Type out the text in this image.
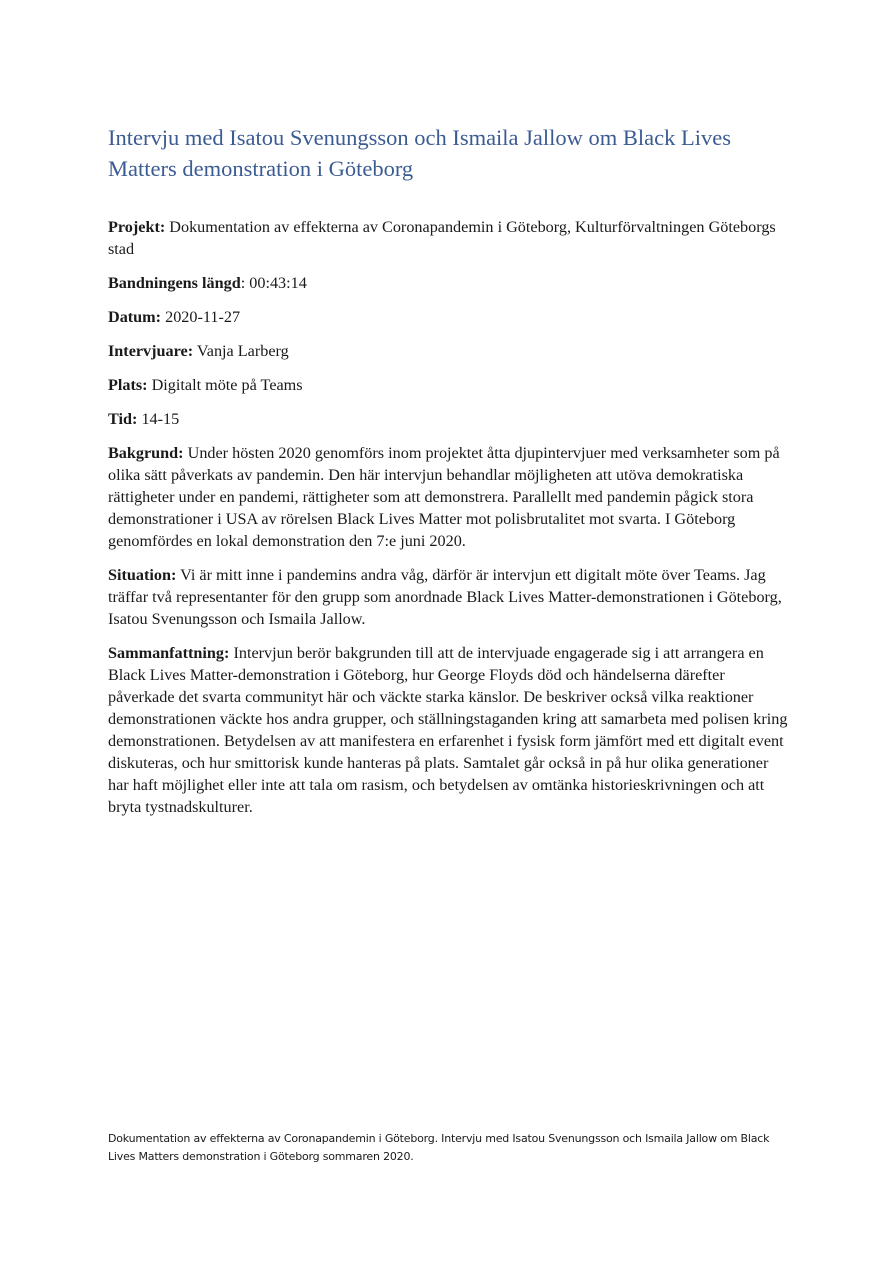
Intervju med Isatou Svenungsson och Ismaila Jallow om Black Lives Matters demonstration i Göteborg

Projekt: Dokumentation av effekterna av Coronapandemin i Göteborg, Kulturförvaltningen Göteborgs stad

Bandningens längd: 00:43:14

Datum: 2020-11-27

Intervjuare: Vanja Larberg

Plats: Digitalt möte på Teams

Tid: 14-15

Bakgrund: Under hösten 2020 genomförs inom projektet åtta djupintervjuer med verksamheter som på olika sätt påverkats av pandemin. Den här intervjun behandlar möjligheten att utöva demokratiska rättigheter under en pandemi, rättigheter som att demonstrera. Parallellt med pandemin pågick stora demonstrationer i USA av rörelsen Black Lives Matter mot polisbrutalitet mot svarta. I Göteborg genomfördes en lokal demonstration den 7:e juni 2020.

Situation: Vi är mitt inne i pandemins andra våg, därför är intervjun ett digitalt möte över Teams. Jag träffar två representanter för den grupp som anordnade Black Lives Matter-demonstrationen i Göteborg, Isatou Svenungsson och Ismaila Jallow.

Sammanfattning: Intervjun berör bakgrunden till att de intervjuade engagerade sig i att arrangera en Black Lives Matter-demonstration i Göteborg, hur George Floyds död och händelserna därefter påverkade det svarta communityt här och väckte starka känslor. De beskriver också vilka reaktioner demonstrationen väckte hos andra grupper, och ställningstaganden kring att samarbeta med polisen kring demonstrationen. Betydelsen av att manifestera en erfarenhet i fysisk form jämfört med ett digitalt event diskuteras, och hur smittorisk kunde hanteras på plats. Samtalet går också in på hur olika generationer har haft möjlighet eller inte att tala om rasism, och betydelsen av omtänka historieskrivningen och att bryta tystnadskulturer.

Dokumentation av effekterna av Coronapandemin i Göteborg. Intervju med Isatou Svenungsson och Ismaila Jallow om Black Lives Matters demonstration i Göteborg sommaren 2020.
